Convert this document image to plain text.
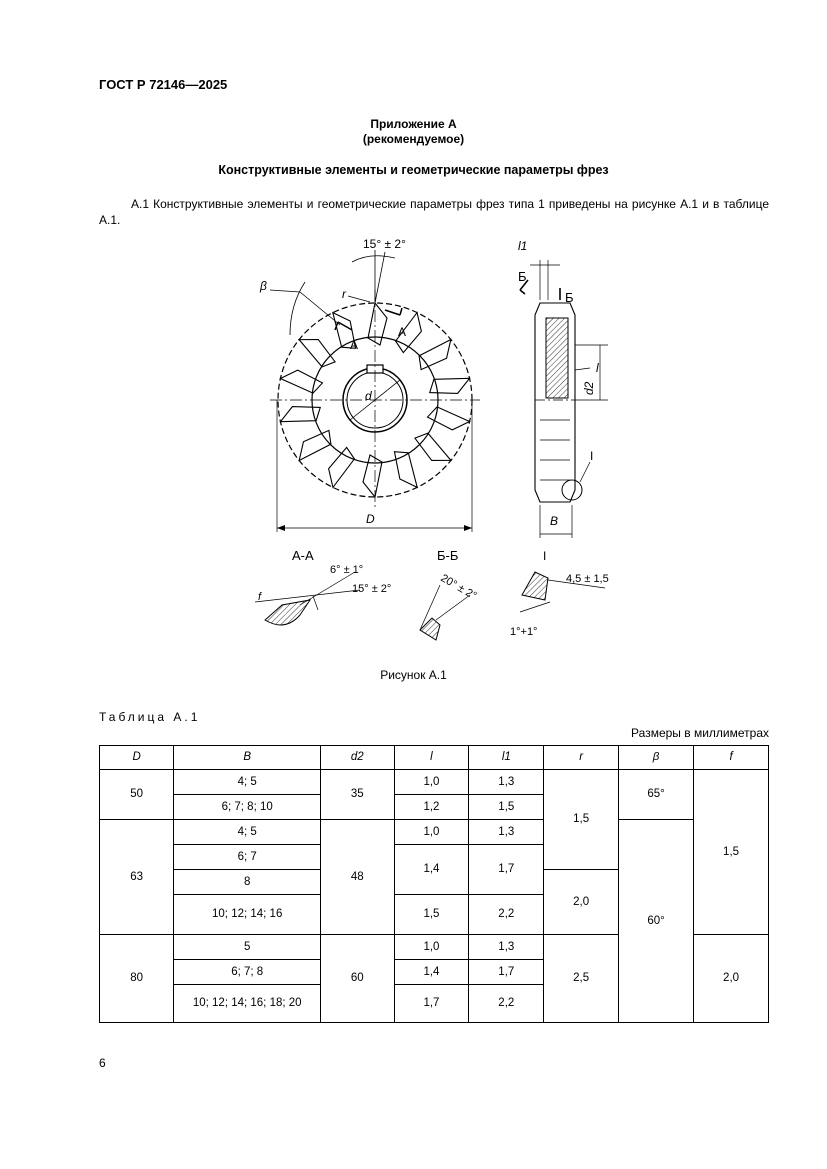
ГОСТ Р 72146—2025
Приложение А
(рекомендуемое)
Конструктивные элементы и геометрические параметры фрез
А.1 Конструктивные элементы и геометрические параметры фрез типа 1 приведены на рисунке А.1 и в таблице А.1.
15° ± 2°
β
r
А
А
d
D
l1
Б
Б
l
d2
I
B
А-А
6° ± 1°
15° ± 2°
f
Б-Б
20° ± 2°
I
4,5 ± 1,5
1°+1°
Рисунок А.1
Таблица А.1
Размеры в миллиметрах
D	B	d2	l	l1	r	β	f
50	4; 5	35	1,0	1,3	1,5	65°	1,5
	6; 7; 8; 10		1,2	1,5			
63	4; 5	48	1,0	1,3		60°	
	6; 7		1,4	1,7			
	8				2,0		
	10; 12; 14; 16		1,5	2,2			
80	5	60	1,0	1,3	2,5		2,0
	6; 7; 8		1,4	1,7			
	10; 12; 14; 16; 18; 20		1,7	2,2			
6
